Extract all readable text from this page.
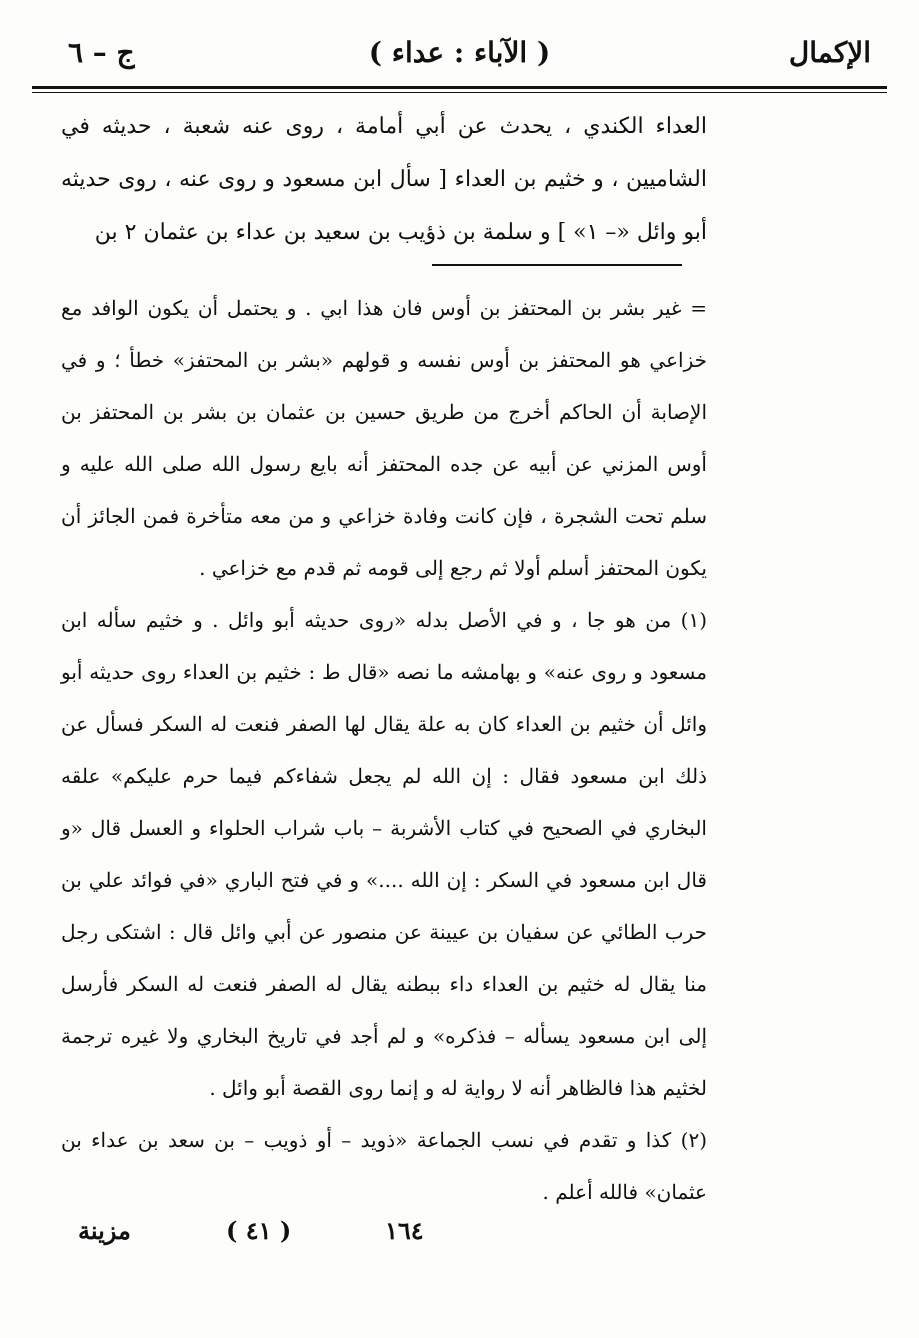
الإكمال
( الآباء : عداء )
ج – ٦

العداء الكندي ، يحدث عن أبي أمامة ، روى عنه شعبة ، حديثه في الشاميين ، و خثيم بن العداء [ سأل ابن مسعود و روى عنه ، روى حديثه أبو وائل «– ١» ] و سلمة بن ذؤيب بن سعيد بن عداء بن عثمان ٢ بن

= غير بشر بن المحتفز بن أوس فان هذا ابي . و يحتمل أن يكون الوافد مع خزاعي هو المحتفز بن أوس نفسه و قولهم «بشر بن المحتفز» خطأ ؛ و في الإصابة أن الحاكم أخرج من طريق حسين بن عثمان بن بشر بن المحتفز بن أوس المزني عن أبيه عن جده المحتفز أنه بايع رسول الله صلى الله عليه و سلم تحت الشجرة ، فإن كانت وفادة خزاعي و من معه متأخرة فمن الجائز أن يكون المحتفز أسلم أولا ثم رجع إلى قومه ثم قدم مع خزاعي .

(١) من هو جا ، و في الأصل بدله «روى حديثه أبو وائل . و خثيم سأله ابن مسعود و روى عنه» و بهامشه ما نصه «قال ط : خثيم بن العداء روى حديثه أبو وائل أن خثيم بن العداء كان به علة يقال لها الصفر فنعت له السكر فسأل عن ذلك ابن مسعود فقال : إن الله لم يجعل شفاءكم فيما حرم عليكم» علقه البخاري في الصحيح في كتاب الأشربة – باب شراب الحلواء و العسل قال «و قال ابن مسعود في السكر : إن الله ....» و في فتح الباري «في فوائد علي بن حرب الطائي عن سفيان بن عيينة عن منصور عن أبي وائل قال : اشتكى رجل منا يقال له خثيم بن العداء داء ببطنه يقال له الصفر فنعت له السكر فأرسل إلى ابن مسعود يسأله – فذكره» و لم أجد في تاريخ البخاري ولا غيره ترجمة لخثيم هذا فالظاهر أنه لا رواية له و إنما روى القصة أبو وائل .

(٢) كذا و تقدم في نسب الجماعة «ذويد – أو ذويب – بن سعد بن عداء بن عثمان» فالله أعلم .

١٦٤
( ٤١ )
مزينة
